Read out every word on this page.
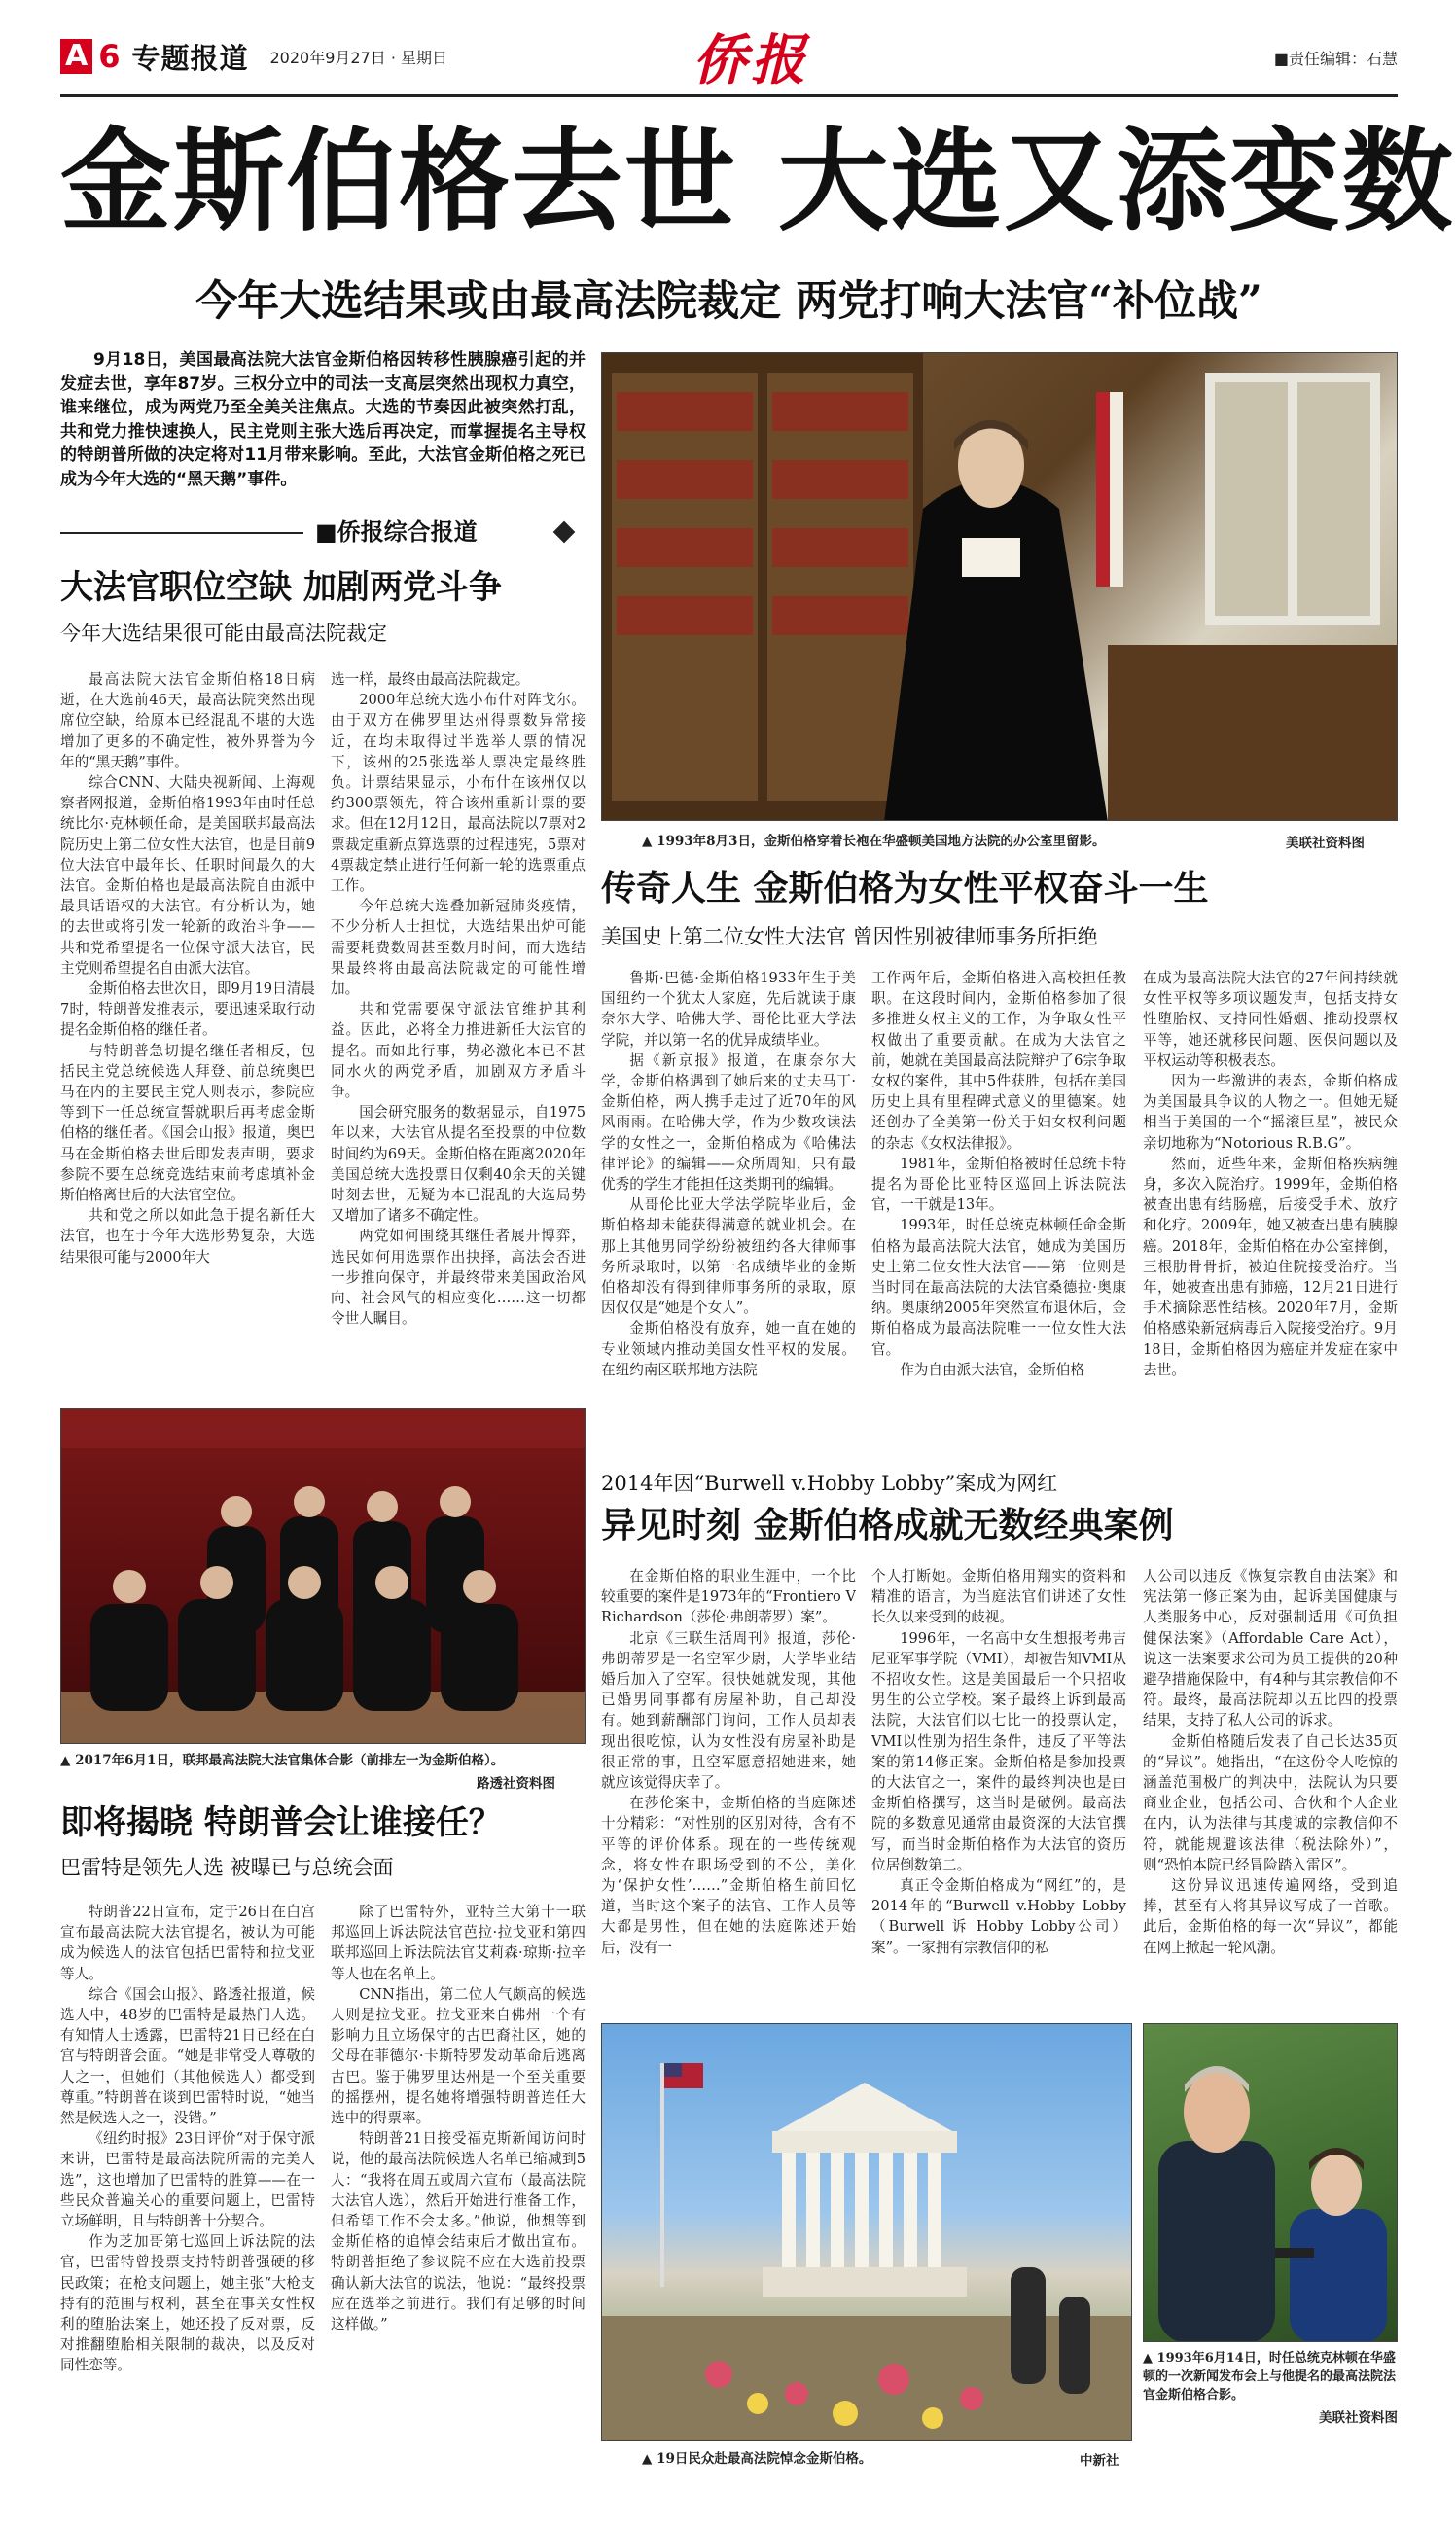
A 6 专题报道 2020年9月27日 · 星期日	侨报	■责任编辑：石慧
金斯伯格去世 大选又添变数
今年大选结果或由最高法院裁定 两党打响大法官“补位战”
9月18日，美国最高法院大法官金斯伯格因转移性胰腺癌引起的并发症去世，享年87岁。三权分立中的司法一支高层突然出现权力真空，谁来继位，成为两党乃至全美关注焦点。大选的节奏因此被突然打乱，共和党力推快速换人，民主党则主张大选后再决定，而掌握提名主导权的特朗普所做的决定将对11月带来影响。至此，大法官金斯伯格之死已成为今年大选的“黑天鹅”事件。
■侨报综合报道
大法官职位空缺 加剧两党斗争
今年大选结果很可能由最高法院裁定

最高法院大法官金斯伯格18日病逝，在大选前46天，最高法院突然出现席位空缺，给原本已经混乱不堪的大选增加了更多的不确定性，被外界誉为今年的“黑天鹅”事件。

综合CNN、大陆央视新闻、上海观察者网报道，金斯伯格1993年由时任总统比尔·克林顿任命，是美国联邦最高法院历史上第二位女性大法官，也是目前9位大法官中最年长、任职时间最久的大法官。金斯伯格也是最高法院自由派中最具话语权的大法官。有分析认为，她的去世或将引发一轮新的政治斗争——共和党希望提名一位保守派大法官，民主党则希望提名自由派大法官。

金斯伯格去世次日，即9月19日清晨7时，特朗普发推表示，要迅速采取行动提名金斯伯格的继任者。

与特朗普急切提名继任者相反，包括民主党总统候选人拜登、前总统奥巴马在内的主要民主党人则表示，参院应等到下一任总统宣誓就职后再考虑金斯伯格的继任者。《国会山报》报道，奥巴马在金斯伯格去世后即发表声明，要求参院不要在总统竞选结束前考虑填补金斯伯格离世后的大法官空位。

共和党之所以如此急于提名新任大法官，也在于今年大选形势复杂，大选结果很可能与2000年大

选一样，最终由最高法院裁定。

2000年总统大选小布什对阵戈尔。由于双方在佛罗里达州得票数异常接近，在均未取得过半选举人票的情况下，该州的25张选举人票决定最终胜负。计票结果显示，小布什在该州仅以约300票领先，符合该州重新计票的要求。但在12月12日，最高法院以7票对2票裁定重新点算选票的过程违宪，5票对4票裁定禁止进行任何新一轮的选票重点工作。

今年总统大选叠加新冠肺炎疫情，不少分析人士担忧，大选结果出炉可能需要耗费数周甚至数月时间，而大选结果最终将由最高法院裁定的可能性增加。

共和党需要保守派法官维护其利益。因此，必将全力推进新任大法官的提名。而如此行事，势必激化本已不甚同水火的两党矛盾，加剧双方矛盾斗争。

国会研究服务的数据显示，自1975年以来，大法官从提名至投票的中位数时间约为69天。金斯伯格在距离2020年美国总统大选投票日仅剩40余天的关键时刻去世，无疑为本已混乱的大选局势又增加了诸多不确定性。

两党如何围绕其继任者展开博弈，选民如何用选票作出抉择，高法会否进一步推向保守，并最终带来美国政治风向、社会风气的相应变化……这一切都令世人瞩目。

▲ 2017年6月1日，联邦最高法院大法官集体合影（前排左一为金斯伯格）。
路透社资料图
即将揭晓 特朗普会让谁接任？
巴雷特是领先人选 被曝已与总统会面

特朗普22日宣布，定于26日在白宫宣布最高法院大法官提名，被认为可能成为候选人的法官包括巴雷特和拉戈亚等人。

综合《国会山报》、路透社报道，候选人中，48岁的巴雷特是最热门人选。有知情人士透露，巴雷特21日已经在白宫与特朗普会面。“她是非常受人尊敬的人之一，但她们（其他候选人）都受到尊重。”特朗普在谈到巴雷特时说，“她当然是候选人之一，没错。”

《纽约时报》23日评价“对于保守派来讲，巴雷特是最高法院所需的完美人选”，这也增加了巴雷特的胜算——在一些民众普遍关心的重要问题上，巴雷特立场鲜明，且与特朗普十分契合。

作为芝加哥第七巡回上诉法院的法官，巴雷特曾投票支持特朗普强硬的移民政策；在枪支问题上，她主张“大枪支持有的范围与权利，甚至在事关女性权利的堕胎法案上，她还投了反对票，反对推翻堕胎相关限制的裁决，以及反对同性恋等。

除了巴雷特外，亚特兰大第十一联邦巡回上诉法院法官芭拉·拉戈亚和第四联邦巡回上诉法院法官艾莉森·琼斯·拉辛等人也在名单上。

CNN指出，第二位人气颇高的候选人则是拉戈亚。拉戈亚来自佛州一个有影响力且立场保守的古巴裔社区，她的父母在菲德尔·卡斯特罗发动革命后逃离古巴。鉴于佛罗里达州是一个至关重要的摇摆州，提名她将增强特朗普连任大选中的得票率。

特朗普21日接受福克斯新闻访问时说，他的最高法院候选人名单已缩减到5人：“我将在周五或周六宣布（最高法院大法官人选），然后开始进行准备工作，但希望工作不会太多。”他说，他想等到金斯伯格的追悼会结束后才做出宣布。特朗普拒绝了参议院不应在大选前投票确认新大法官的说法，他说：“最终投票应在选举之前进行。我们有足够的时间这样做。”

▲ 1993年8月3日，金斯伯格穿着长袍在华盛顿美国地方法院的办公室里留影。	美联社资料图
传奇人生 金斯伯格为女性平权奋斗一生
美国史上第二位女性大法官 曾因性别被律师事务所拒绝

鲁斯·巴德·金斯伯格1933年生于美国纽约一个犹太人家庭，先后就读于康奈尔大学、哈佛大学、哥伦比亚大学法学院，并以第一名的优异成绩毕业。

据《新京报》报道，在康奈尔大学，金斯伯格遇到了她后来的丈夫马丁·金斯伯格，两人携手走过了近70年的风风雨雨。在哈佛大学，作为少数攻读法学的女性之一，金斯伯格成为《哈佛法律评论》的编辑——众所周知，只有最优秀的学生才能担任这类期刊的编辑。

从哥伦比亚大学法学院毕业后，金斯伯格却未能获得满意的就业机会。在那上其他男同学纷纷被纽约各大律师事务所录取时，以第一名成绩毕业的金斯伯格却没有得到律师事务所的录取，原因仅仅是“她是个女人”。

金斯伯格没有放弃，她一直在她的专业领域内推动美国女性平权的发展。在纽约南区联邦地方法院

工作两年后，金斯伯格进入高校担任教职。在这段时间内，金斯伯格参加了很多推进女权主义的工作，为争取女性平权做出了重要贡献。在成为大法官之前，她就在美国最高法院辩护了6宗争取女权的案件，其中5件获胜，包括在美国历史上具有里程碑式意义的里德案。她还创办了全美第一份关于妇女权利问题的杂志《女权法律报》。

1981年，金斯伯格被时任总统卡特提名为哥伦比亚特区巡回上诉法院法官，一干就是13年。

1993年，时任总统克林顿任命金斯伯格为最高法院大法官，她成为美国历史上第二位女性大法官——第一位则是当时同在最高法院的大法官桑德拉·奥康纳。奥康纳2005年突然宣布退休后，金斯伯格成为最高法院唯一一位女性大法官。

作为自由派大法官，金斯伯格

在成为最高法院大法官的27年间持续就女性平权等多项议题发声，包括支持女性堕胎权、支持同性婚姻、推动投票权平等，她还就移民问题、医保问题以及平权运动等积极表态。

因为一些激进的表态，金斯伯格成为美国最具争议的人物之一。但她无疑相当于美国的一个“摇滚巨星”，被民众亲切地称为“Notorious R.B.G”。

然而，近些年来，金斯伯格疾病缠身，多次入院治疗。1999年，金斯伯格被查出患有结肠癌，后接受手术、放疗和化疗。2009年，她又被查出患有胰腺癌。2018年，金斯伯格在办公室摔倒，三根肋骨骨折，被迫住院接受治疗。当年，她被查出患有肺癌，12月21日进行手术摘除恶性结核。2020年7月，金斯伯格感染新冠病毒后入院接受治疗。9月18日，金斯伯格因为癌症并发症在家中去世。

2014年因“Burwell v.Hobby Lobby”案成为网红
异见时刻 金斯伯格成就无数经典案例

在金斯伯格的职业生涯中，一个比较重要的案件是1973年的“Frontiero V Richardson（莎伦·弗朗蒂罗）案”。

北京《三联生活周刊》报道，莎伦·弗朗蒂罗是一名空军少尉，大学毕业结婚后加入了空军。很快她就发现，其他已婚男同事都有房屋补助，自己却没有。她到薪酬部门询问，工作人员却表现出很吃惊，认为女性没有房屋补助是很正常的事，且空军愿意招她进来，她就应该觉得庆幸了。

在莎伦案中，金斯伯格的当庭陈述十分精彩：“对性别的区别对待，含有不平等的评价体系。现在的一些传统观念，将女性在职场受到的不公，美化为‘保护女性’……”金斯伯格生前回忆道，当时这个案子的法官、工作人员等大都是男性，但在她的法庭陈述开始后，没有一

个人打断她。金斯伯格用翔实的资料和精准的语言，为当庭法官们讲述了女性长久以来受到的歧视。

1996年，一名高中女生想报考弗吉尼亚军事学院（VMI），却被告知VMI从不招收女性。这是美国最后一个只招收男生的公立学校。案子最终上诉到最高法院，大法官们以七比一的投票认定，VMI以性别为招生条件，违反了平等法案的第14修正案。金斯伯格是参加投票的大法官之一，案件的最终判决也是由金斯伯格撰写，这当时是破例。最高法院的多数意见通常由最资深的大法官撰写，而当时金斯伯格作为大法官的资历位居倒数第二。

真正令金斯伯格成为“网红”的，是2014年的“Burwell v.Hobby Lobby（Burwell 诉 Hobby Lobby公司）案”。一家拥有宗教信仰的私

人公司以违反《恢复宗教自由法案》和宪法第一修正案为由，起诉美国健康与人类服务中心，反对强制适用《可负担健保法案》（Affordable Care Act），说这一法案要求公司为员工提供的20种避孕措施保险中，有4种与其宗教信仰不符。最终，最高法院却以五比四的投票结果，支持了私人公司的诉求。

金斯伯格随后发表了自己长达35页的“异议”。她指出，“在这份令人吃惊的涵盖范围极广的判决中，法院认为只要商业企业，包括公司、合伙和个人企业在内，认为法律与其虔诚的宗教信仰不符，就能规避该法律（税法除外）”，则“恐怕本院已经冒险踏入雷区”。

这份异议迅速传遍网络，受到追捧，甚至有人将其异议写成了一首歌。此后，金斯伯格的每一次“异议”，都能在网上掀起一轮风潮。

▲ 19日民众赴最高法院悼念金斯伯格。	中新社
▲ 1993年6月14日，时任总统克林顿在华盛顿的一次新闻发布会上与他提名的最高法院法官金斯伯格合影。
美联社资料图
